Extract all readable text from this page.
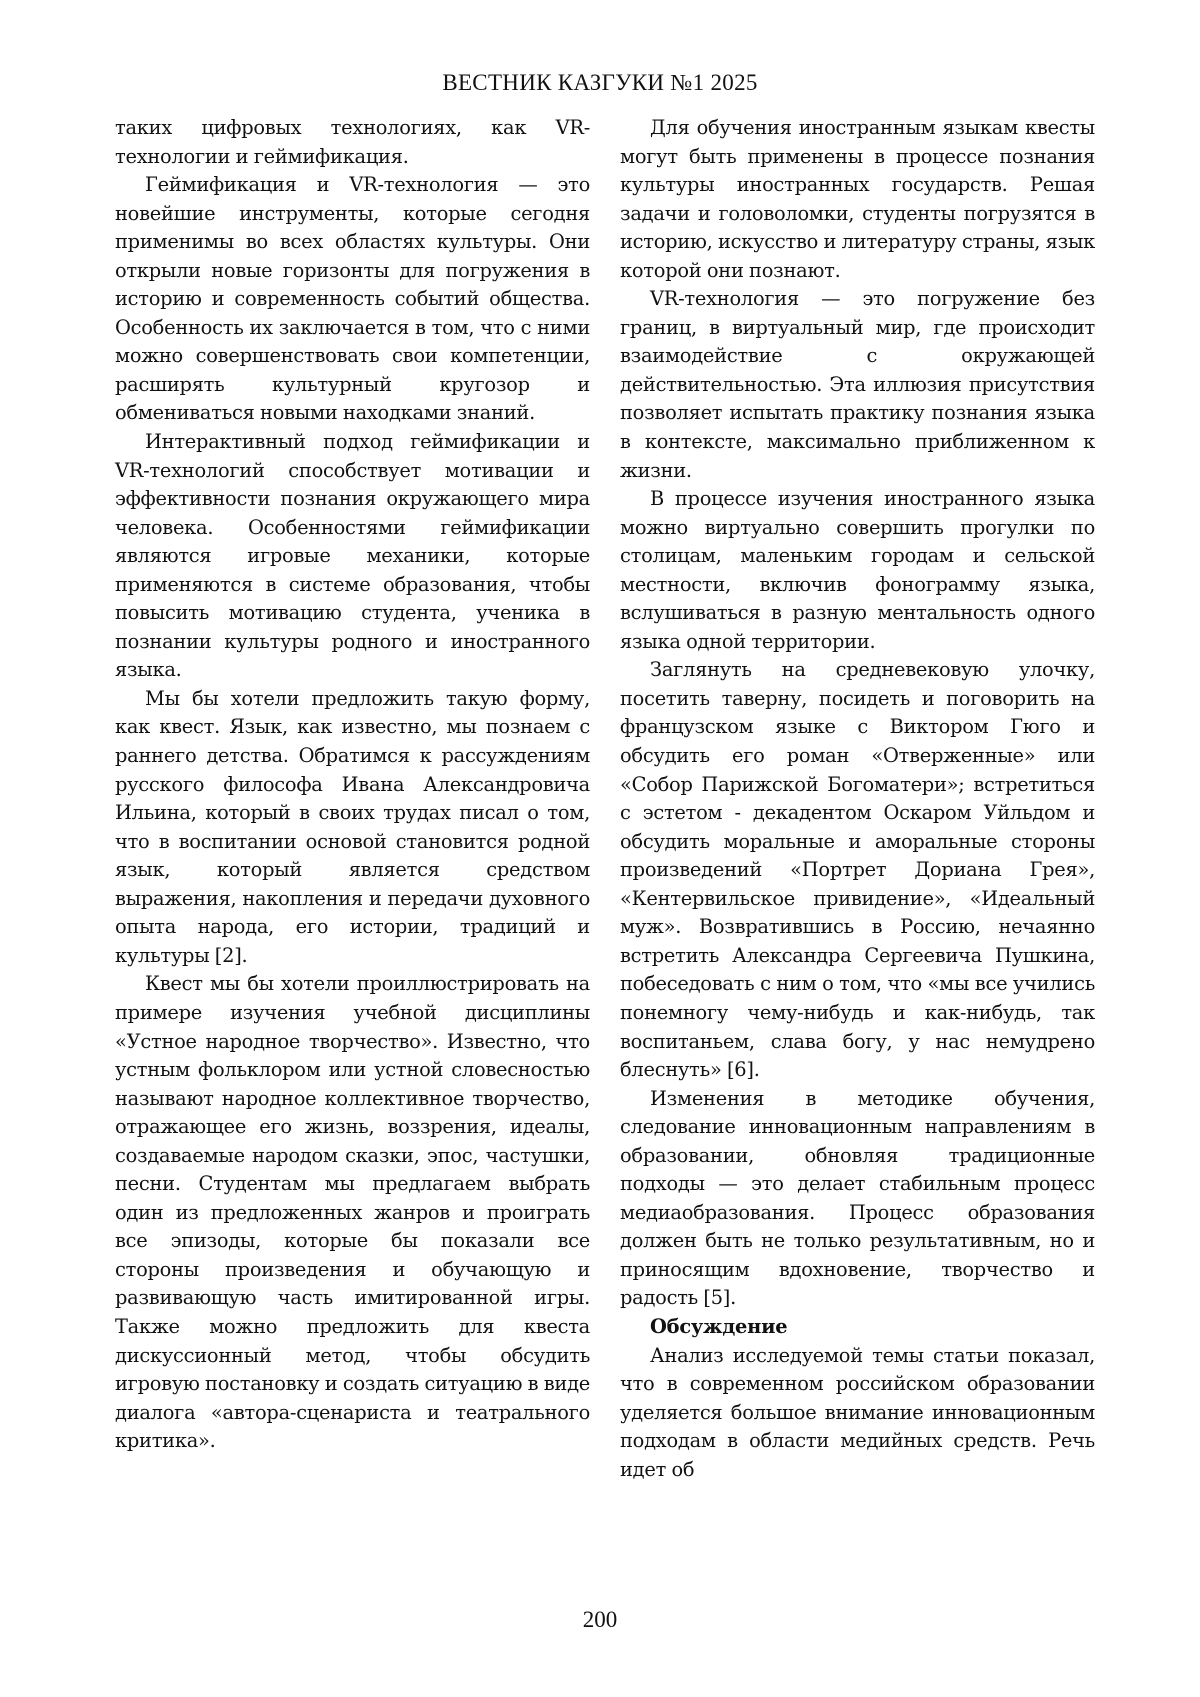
ВЕСТНИК КАЗГУКИ №1 2025

таких цифровых технологиях, как VR-технологии и геймификация.

Геймификация и VR-технология — это новейшие инструменты, которые сегодня применимы во всех областях культуры. Они открыли новые горизонты для погружения в историю и современность событий общества. Особенность их заключается в том, что с ними можно совершенствовать свои компетенции, расширять культурный кругозор и обмениваться новыми находками знаний.

Интерактивный подход геймификации и VR-технологий способствует мотивации и эффективности познания окружающего мира человека. Особенностями геймификации являются игровые механики, которые применяются в системе образования, чтобы повысить мотивацию студента, ученика в познании культуры родного и иностранного языка.

Мы бы хотели предложить такую форму, как квест. Язык, как известно, мы познаем с раннего детства. Обратимся к рассуждениям русского философа Ивана Александровича Ильина, который в своих трудах писал о том, что в воспитании основой становится родной язык, который является средством выражения, накопления и передачи духовного опыта народа, его истории, традиций и культуры [2].

Квест мы бы хотели проиллюстрировать на примере изучения учебной дисциплины «Устное народное творчество». Известно, что устным фольклором или устной словесностью называют народное коллективное творчество, отражающее его жизнь, воззрения, идеалы, создаваемые народом сказки, эпос, частушки, песни. Студентам мы предлагаем выбрать один из предложенных жанров и проиграть все эпизоды, которые бы показали все стороны произведения и обучающую и развивающую часть имитированной игры. Также можно предложить для квеста дискуссионный метод, чтобы обсудить игровую постановку и создать ситуацию в виде диалога «автора-сценариста и театрального критика».

Для обучения иностранным языкам квесты могут быть применены в процессе познания культуры иностранных государств. Решая задачи и головоломки, студенты погрузятся в историю, искусство и литературу страны, язык которой они познают.

VR-технология — это погружение без границ, в виртуальный мир, где происходит взаимодействие с окружающей действительностью. Эта иллюзия присутствия позволяет испытать практику познания языка в контексте, максимально приближенном к жизни.

В процессе изучения иностранного языка можно виртуально совершить прогулки по столицам, маленьким городам и сельской местности, включив фонограмму языка, вслушиваться в разную ментальность одного языка одной территории.

Заглянуть на средневековую улочку, посетить таверну, посидеть и поговорить на французском языке с Виктором Гюго и обсудить его роман «Отверженные» или «Собор Парижской Богоматери»; встретиться с эстетом - декадентом Оскаром Уйльдом и обсудить моральные и аморальные стороны произведений «Портрет Дориана Грея», «Кентервильское привидение», «Идеальный муж». Возвратившись в Россию, нечаянно встретить Александра Сергеевича Пушкина, побеседовать с ним о том, что «мы все учились понемногу чему-нибудь и как-нибудь, так воспитаньем, слава богу, у нас немудрено блеснуть» [6].

Изменения в методике обучения, следование инновационным направлениям в образовании, обновляя традиционные подходы — это делает стабильным процесс медиаобразования. Процесс образования должен быть не только результативным, но и приносящим вдохновение, творчество и радость [5].

Обсуждение

Анализ исследуемой темы статьи показал, что в современном российском образовании уделяется большое внимание инновационным подходам в области медийных средств. Речь идет об

200
